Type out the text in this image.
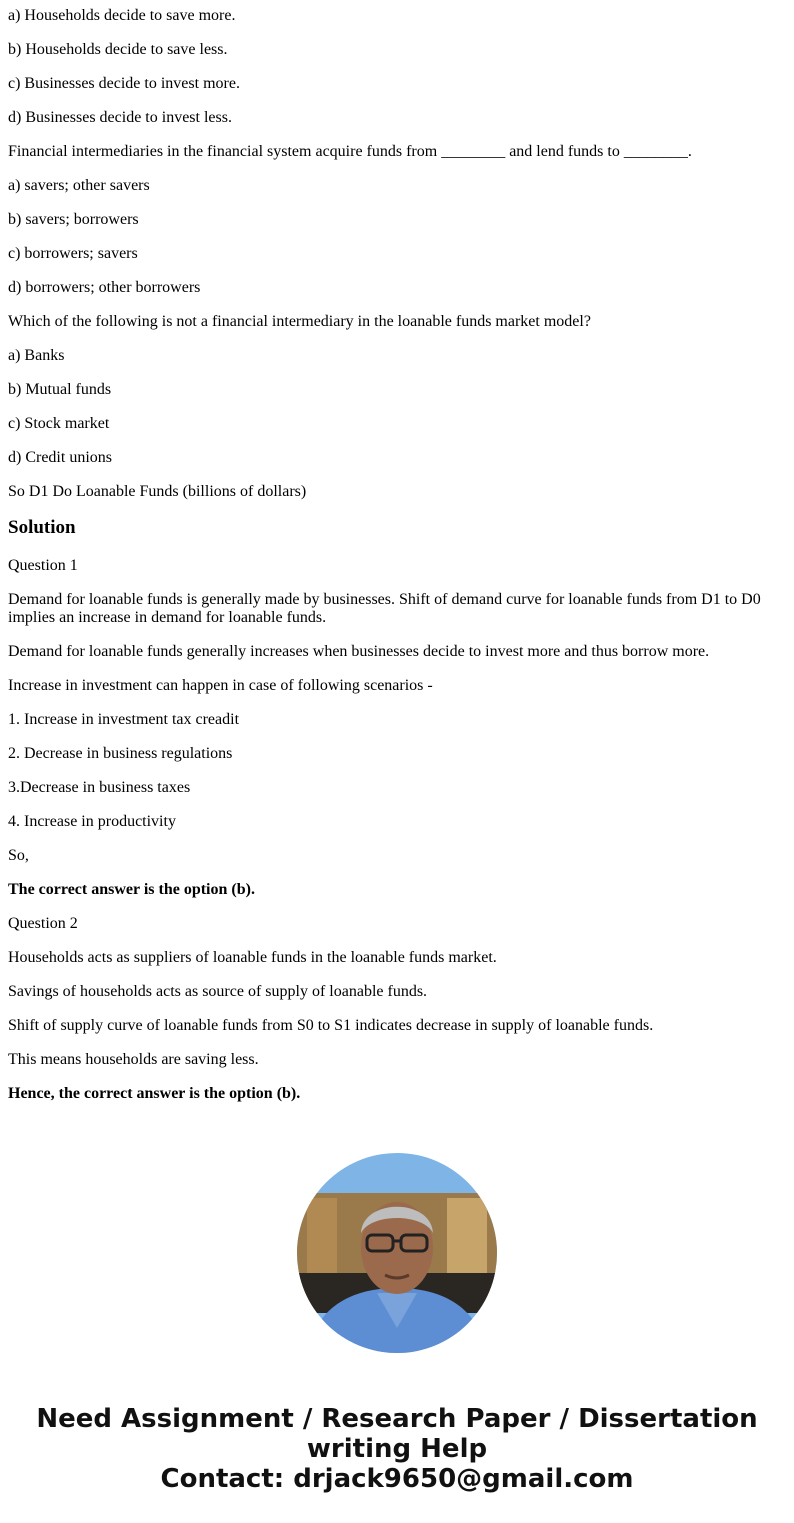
a) Households decide to save more.

b) Households decide to save less.

c) Businesses decide to invest more.

d) Businesses decide to invest less.

Financial intermediaries in the financial system acquire funds from ________ and lend funds to ________.

a) savers; other savers

b) savers; borrowers

c) borrowers; savers

d) borrowers; other borrowers

Which of the following is not a financial intermediary in the loanable funds market model?

a) Banks

b) Mutual funds

c) Stock market

d) Credit unions

So D1 Do Loanable Funds (billions of dollars)

Solution

Question 1

Demand for loanable funds is generally made by businesses. Shift of demand curve for loanable funds from D1 to D0 implies an increase in demand for loanable funds.

Demand for loanable funds generally increases when businesses decide to invest more and thus borrow more.

Increase in investment can happen in case of following scenarios -

1. Increase in investment tax creadit

2. Decrease in business regulations

3.Decrease in business taxes

4. Increase in productivity

So,

The correct answer is the option (b).

Question 2

Households acts as suppliers of loanable funds in the loanable funds market.

Savings of households acts as source of supply of loanable funds.

Shift of supply curve of loanable funds from S0 to S1 indicates decrease in supply of loanable funds.

This means households are saving less.

Hence, the correct answer is the option (b).

Need Assignment / Research Paper / Dissertation
writing Help
Contact: drjack9650@gmail.com
